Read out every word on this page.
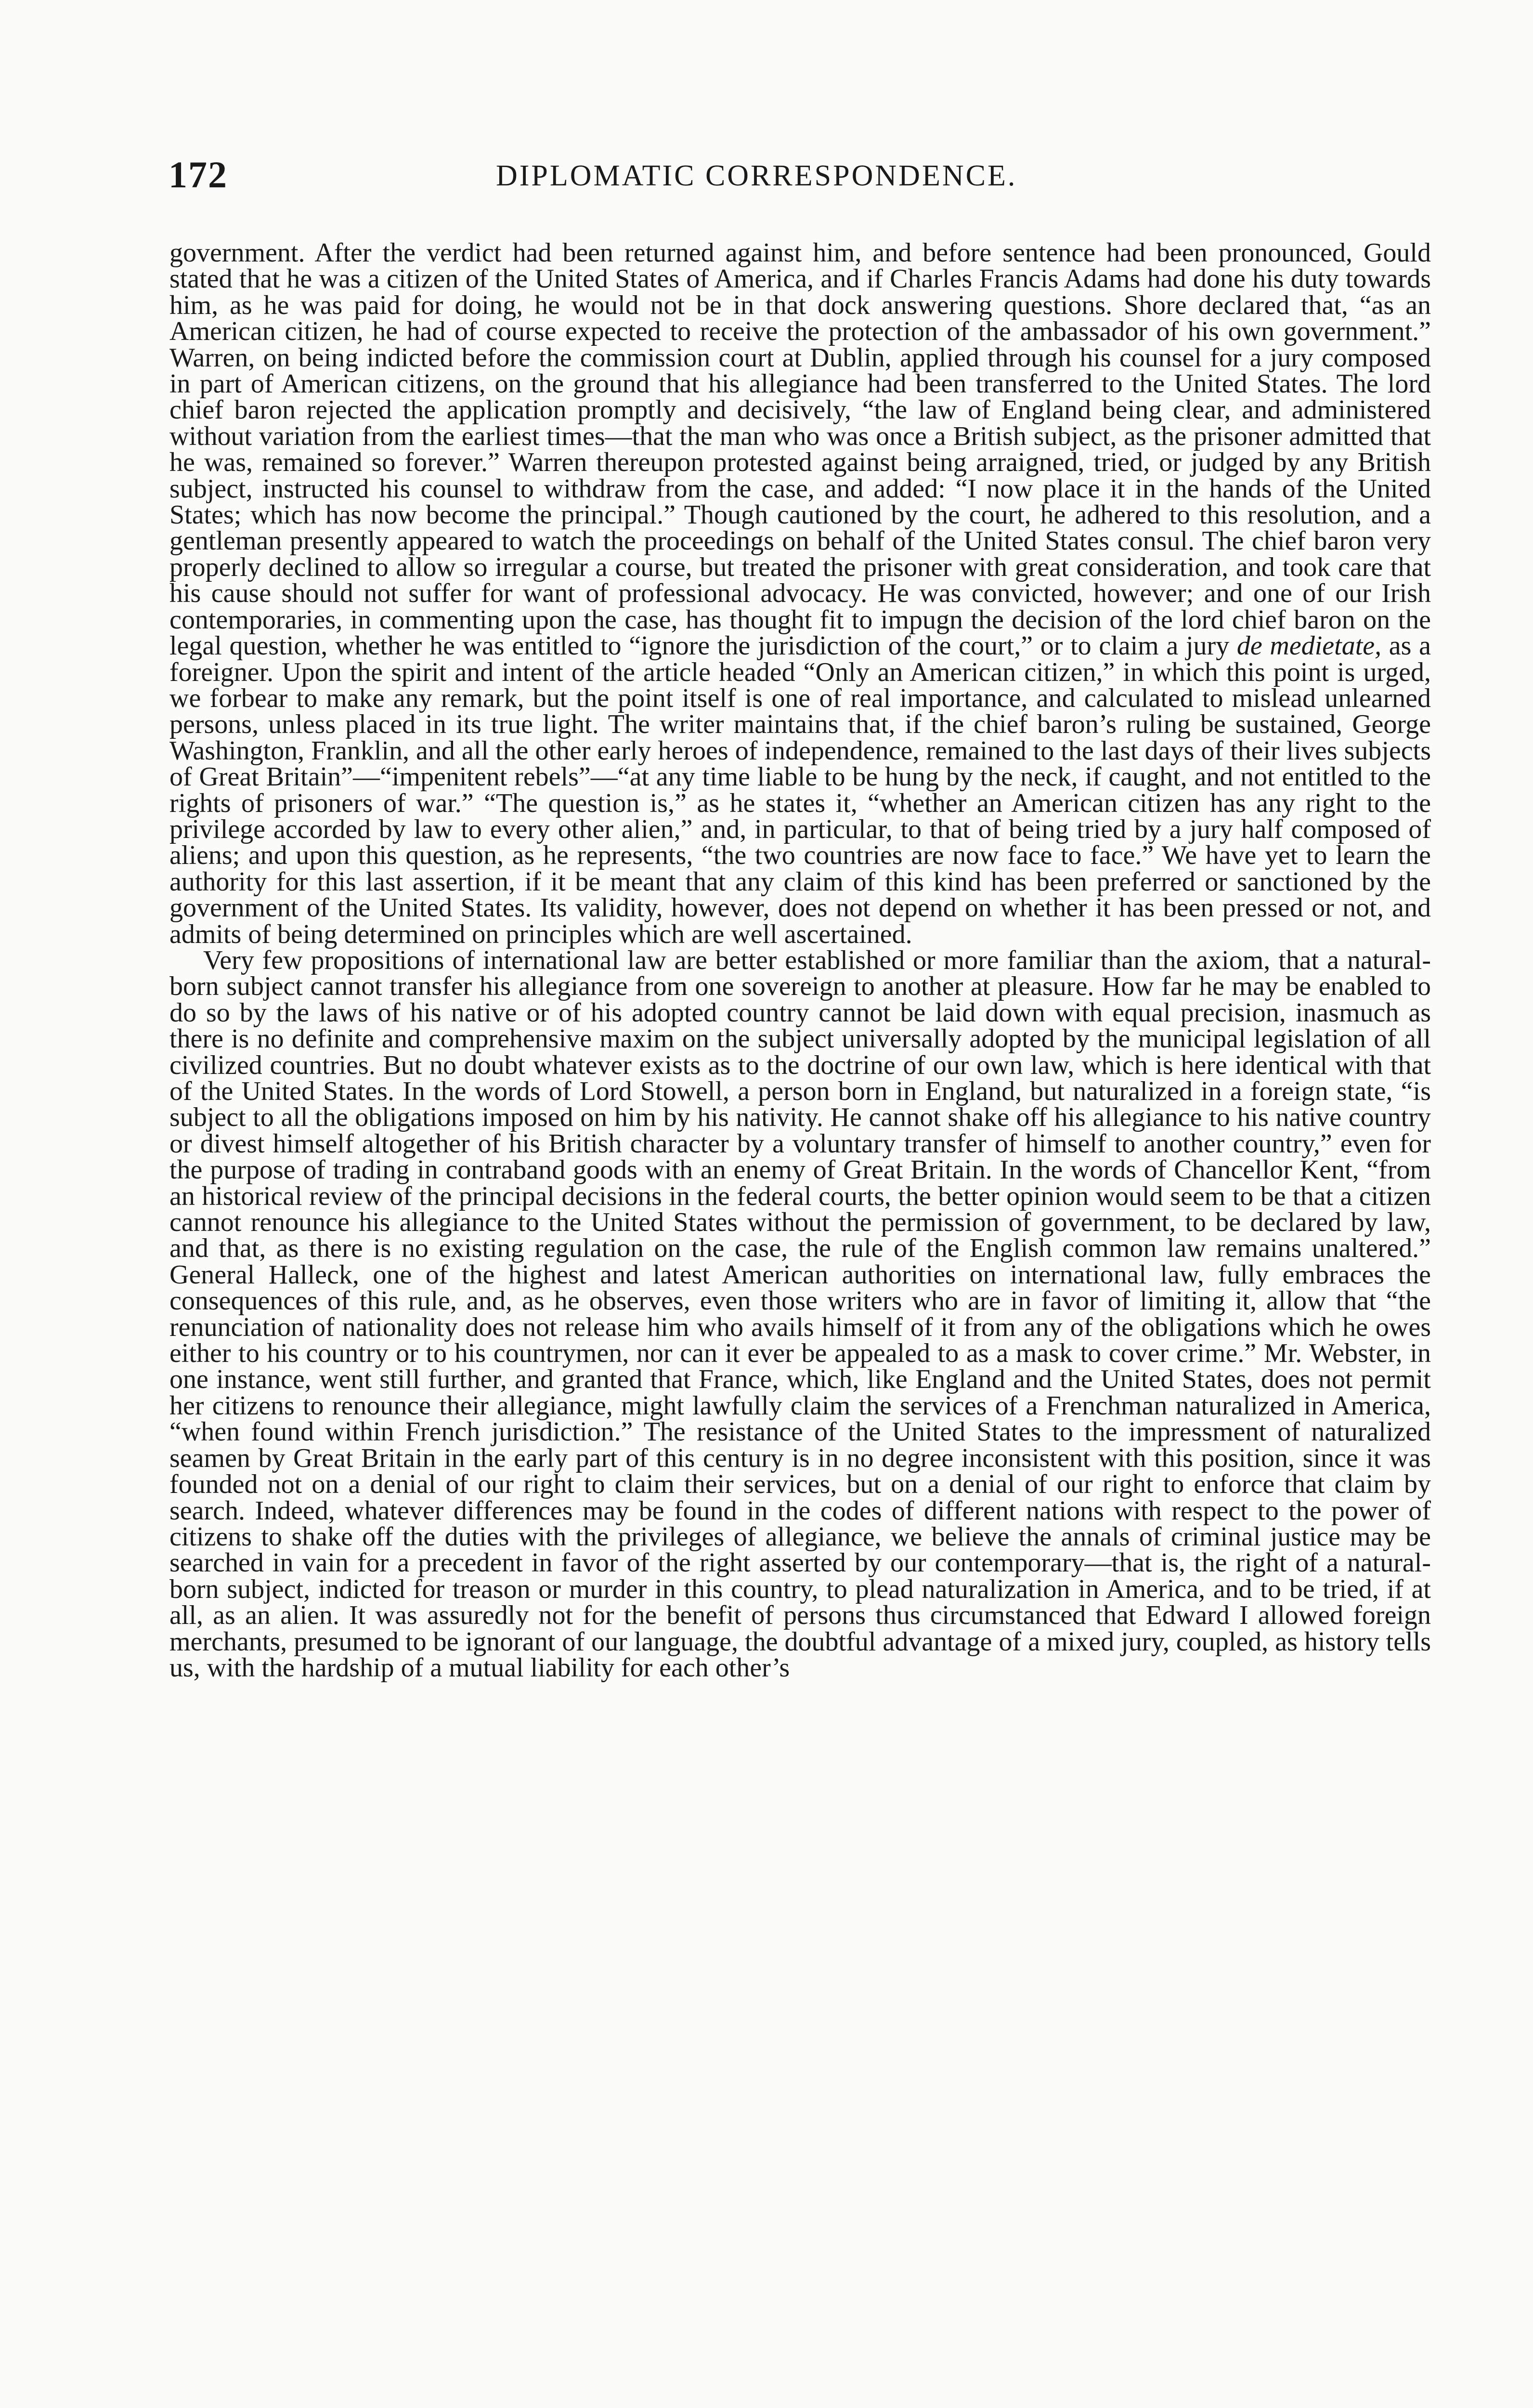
172	DIPLOMATIC CORRESPONDENCE.

government. After the verdict had been returned against him, and before sentence had been pronounced, Gould stated that he was a citizen of the United States of America, and if Charles Francis Adams had done his duty towards him, as he was paid for doing, he would not be in that dock answering questions. Shore declared that, “as an American citizen, he had of course expected to receive the protection of the ambassador of his own government.” Warren, on being indicted before the commission court at Dublin, applied through his counsel for a jury composed in part of American citizens, on the ground that his allegiance had been transferred to the United States. The lord chief baron rejected the application promptly and decisively, “the law of England being clear, and administered without variation from the earliest times—that the man who was once a British subject, as the prisoner admitted that he was, remained so forever.” Warren thereupon protested against being arraigned, tried, or judged by any British subject, instructed his counsel to withdraw from the case, and added: “I now place it in the hands of the United States; which has now become the principal.” Though cautioned by the court, he adhered to this resolution, and a gentleman presently appeared to watch the proceedings on behalf of the United States consul. The chief baron very properly declined to allow so irregular a course, but treated the prisoner with great consideration, and took care that his cause should not suffer for want of professional advocacy. He was convicted, however; and one of our Irish contemporaries, in commenting upon the case, has thought fit to impugn the decision of the lord chief baron on the legal question, whether he was entitled to “ignore the jurisdiction of the court,” or to claim a jury de medietate, as a foreigner. Upon the spirit and intent of the article headed “Only an American citizen,” in which this point is urged, we forbear to make any remark, but the point itself is one of real importance, and calculated to mislead unlearned persons, unless placed in its true light. The writer maintains that, if the chief baron’s ruling be sustained, George Washington, Franklin, and all the other early heroes of independence, remained to the last days of their lives subjects of Great Britain”—“impenitent rebels”—“at any time liable to be hung by the neck, if caught, and not entitled to the rights of prisoners of war.” “The question is,” as he states it, “whether an American citizen has any right to the privilege accorded by law to every other alien,” and, in particular, to that of being tried by a jury half composed of aliens; and upon this question, as he represents, “the two countries are now face to face.” We have yet to learn the authority for this last assertion, if it be meant that any claim of this kind has been preferred or sanctioned by the government of the United States. Its validity, however, does not depend on whether it has been pressed or not, and admits of being determined on principles which are well ascertained.

Very few propositions of international law are better established or more familiar than the axiom, that a natural-born subject cannot transfer his allegiance from one sovereign to another at pleasure. How far he may be enabled to do so by the laws of his native or of his adopted country cannot be laid down with equal precision, inasmuch as there is no definite and comprehensive maxim on the subject universally adopted by the municipal legislation of all civilized countries. But no doubt whatever exists as to the doctrine of our own law, which is here identical with that of the United States. In the words of Lord Stowell, a person born in England, but naturalized in a foreign state, “is subject to all the obligations imposed on him by his nativity. He cannot shake off his allegiance to his native country or divest himself altogether of his British character by a voluntary transfer of himself to another country,” even for the purpose of trading in contraband goods with an enemy of Great Britain. In the words of Chancellor Kent, “from an historical review of the principal decisions in the federal courts, the better opinion would seem to be that a citizen cannot renounce his allegiance to the United States without the permission of government, to be declared by law, and that, as there is no existing regulation on the case, the rule of the English common law remains unaltered.” General Halleck, one of the highest and latest American authorities on international law, fully embraces the consequences of this rule, and, as he observes, even those writers who are in favor of limiting it, allow that “the renunciation of nationality does not release him who avails himself of it from any of the obligations which he owes either to his country or to his countrymen, nor can it ever be appealed to as a mask to cover crime.” Mr. Webster, in one instance, went still further, and granted that France, which, like England and the United States, does not permit her citizens to renounce their allegiance, might lawfully claim the services of a Frenchman naturalized in America, “when found within French jurisdiction.” The resistance of the United States to the impressment of naturalized seamen by Great Britain in the early part of this century is in no degree inconsistent with this position, since it was founded not on a denial of our right to claim their services, but on a denial of our right to enforce that claim by search. Indeed, whatever differences may be found in the codes of different nations with respect to the power of citizens to shake off the duties with the privileges of allegiance, we believe the annals of criminal justice may be searched in vain for a precedent in favor of the right asserted by our contemporary—that is, the right of a natural-born subject, indicted for treason or murder in this country, to plead naturalization in America, and to be tried, if at all, as an alien. It was assuredly not for the benefit of persons thus circumstanced that Edward I allowed foreign merchants, presumed to be ignorant of our language, the doubtful advantage of a mixed jury, coupled, as history tells us, with the hardship of a mutual liability for each other’s
